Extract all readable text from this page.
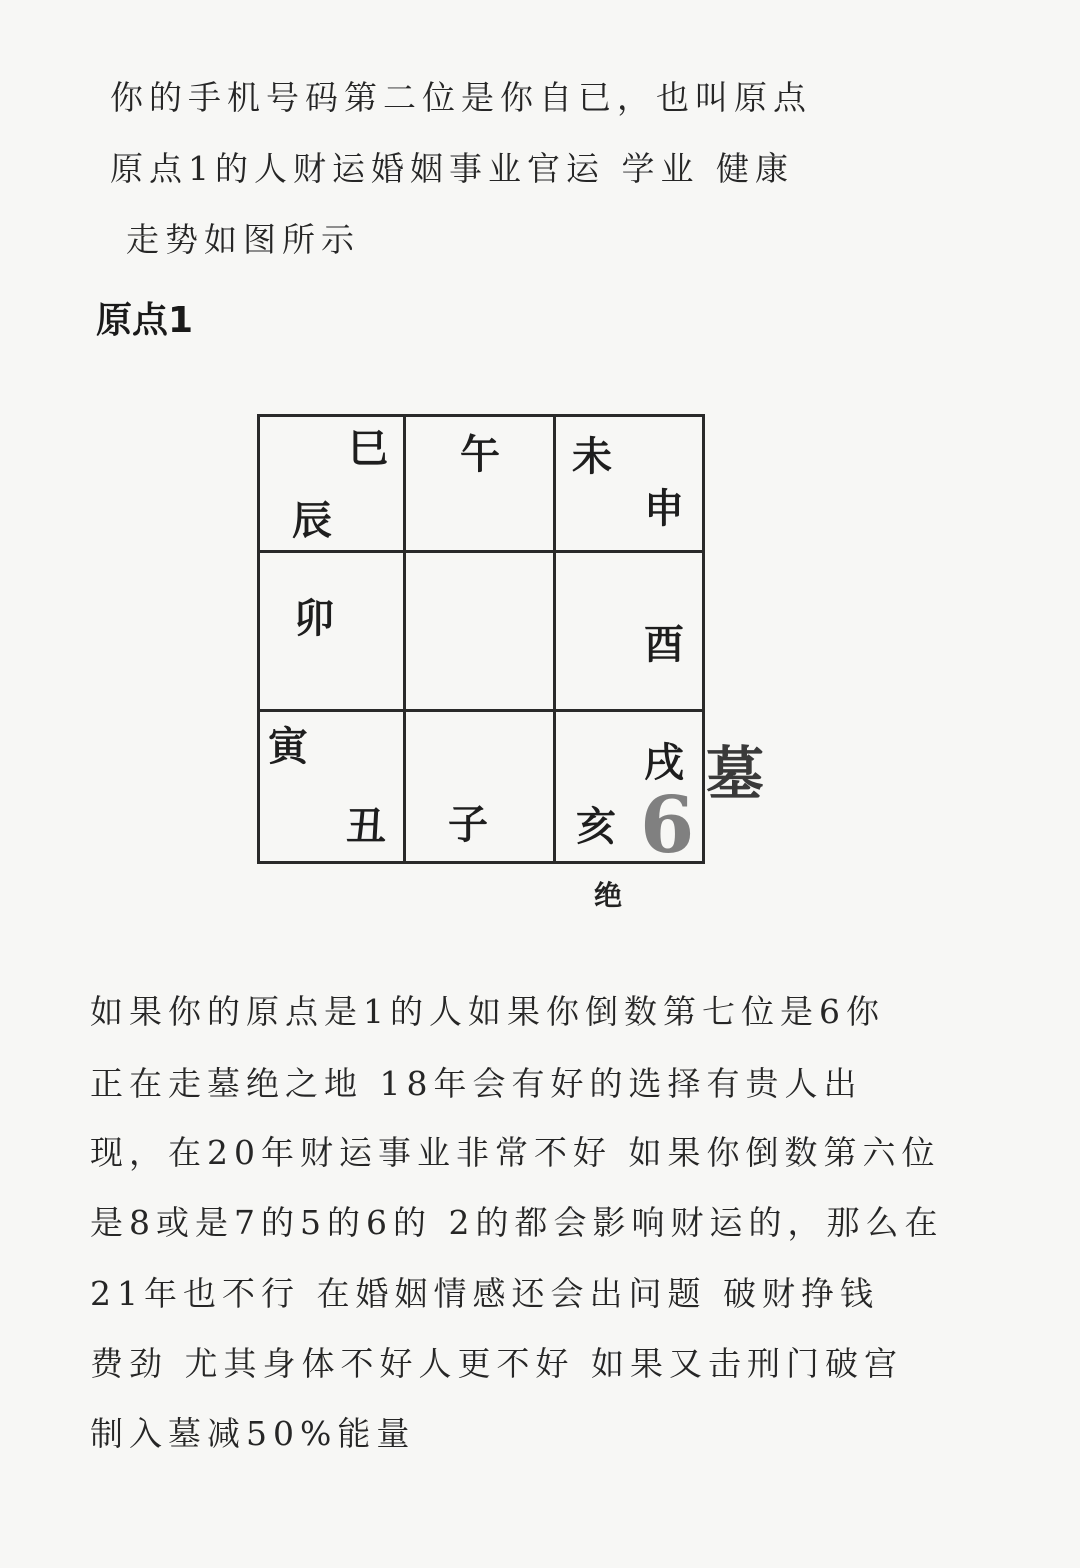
你的手机号码第二位是你自已，也叫原点
原点1的人财运婚姻事业官运 学业 健康
走势如图所示
原点1
巳
辰
午 未
申
卯
酉
寅
丑 子
戌
亥 6
墓
绝
如果你的原点是1的人如果你倒数第七位是6你
正在走墓绝之地 18年会有好的选择有贵人出
现，在20年财运事业非常不好 如果你倒数第六位
是8或是7的5的6的 2的都会影响财运的，那么在
21年也不行 在婚姻情感还会出问题 破财挣钱
费劲 尤其身体不好人更不好 如果又击刑门破宫
制入墓减50%能量
